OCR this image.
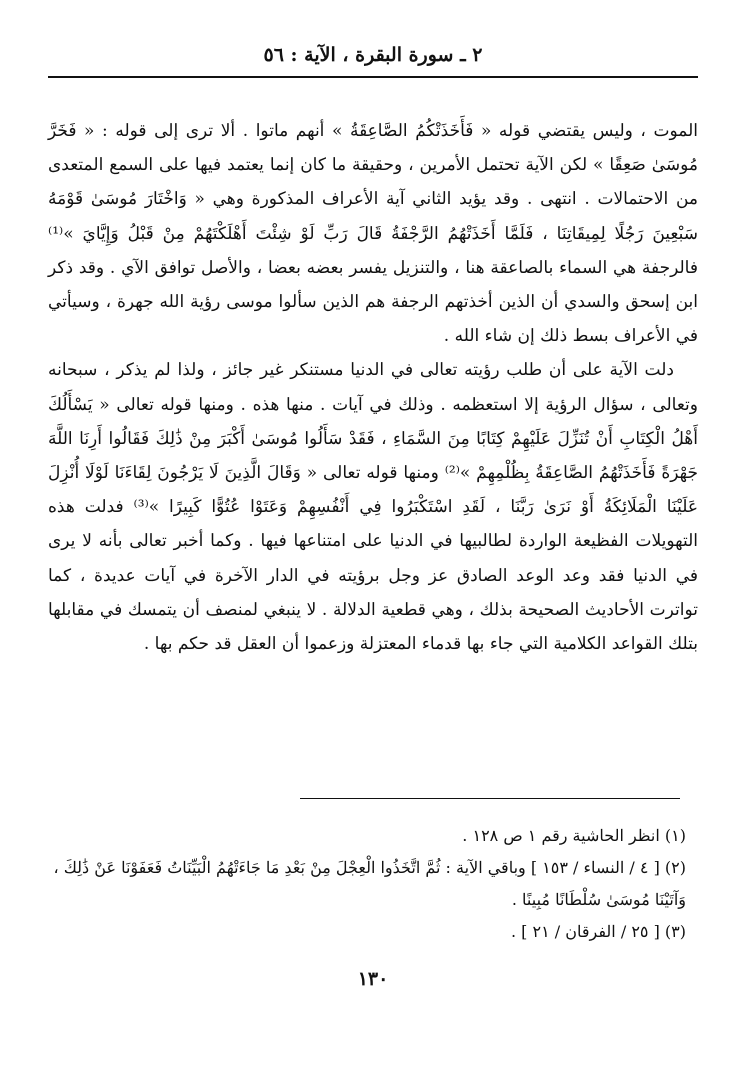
٢ ـ سورة البقرة ، الآية : ٥٦

الموت ، وليس يقتضي قوله « فَأَخَذَتْكُمُ الصَّاعِقَةُ » أنهم ماتوا . ألا ترى إلى قوله : « فَخَرَّ مُوسَىٰ صَعِقًا » لكن الآية تحتمل الأمرين ، وحقيقة ما كان إنما يعتمد فيها على السمع المتعدى من الاحتمالات . انتهى . وقد يؤيد الثاني آية الأعراف المذكورة وهي « وَاخْتَارَ مُوسَىٰ قَوْمَهُ سَبْعِينَ رَجُلًا لِمِيقَاتِنَا ، فَلَمَّا أَخَذَتْهُمُ الرَّجْفَةُ قَالَ رَبِّ لَوْ شِئْتَ أَهْلَكْتَهُمْ مِنْ قَبْلُ وَإِيَّايَ »⁽¹⁾ فالرجفة هي السماء بالصاعقة هنا ، والتنزيل يفسر بعضه بعضا ، والأصل توافق الآي . وقد ذكر ابن إسحق والسدي أن الذين أخذتهم الرجفة هم الذين سألوا موسى رؤية الله جهرة ، وسيأتي في الأعراف بسط ذلك إن شاء الله .

دلت الآية على أن طلب رؤيته تعالى في الدنيا مستنكر غير جائز ، ولذا لم يذكر ، سبحانه وتعالى ، سؤال الرؤية إلا استعظمه . وذلك في آيات . منها هذه . ومنها قوله تعالى « يَسْأَلُكَ أَهْلُ الْكِتَابِ أَنْ تُنَزِّلَ عَلَيْهِمْ كِتَابًا مِنَ السَّمَاءِ ، فَقَدْ سَأَلُوا مُوسَىٰ أَكْبَرَ مِنْ ذَٰلِكَ فَقَالُوا أَرِنَا اللَّهَ جَهْرَةً فَأَخَذَتْهُمُ الصَّاعِقَةُ بِظُلْمِهِمْ »⁽²⁾ ومنها قوله تعالى « وَقَالَ الَّذِينَ لَا يَرْجُونَ لِقَاءَنَا لَوْلَا أُنْزِلَ عَلَيْنَا الْمَلَائِكَةُ أَوْ نَرَىٰ رَبَّنَا ، لَقَدِ اسْتَكْبَرُوا فِي أَنْفُسِهِمْ وَعَتَوْا عُتُوًّا كَبِيرًا »⁽³⁾ فدلت هذه التهويلات الفظيعة الواردة لطالبيها في الدنيا على امتناعها فيها . وكما أخبر تعالى بأنه لا يرى في الدنيا فقد وعد الوعد الصادق عز وجل برؤيته في الدار الآخرة في آيات عديدة ، كما تواترت الأحاديث الصحيحة بذلك ، وهي قطعية الدلالة . لا ينبغي لمنصف أن يتمسك في مقابلها بتلك القواعد الكلامية التي جاء بها قدماء المعتزلة وزعموا أن العقل قد حكم بها .

(١) انظر الحاشية رقم ١ ص ١٢٨ .

(٢) [ ٤ / النساء / ١٥٣ ] وباقي الآية : ثُمَّ اتَّخَذُوا الْعِجْلَ مِنْ بَعْدِ مَا جَاءَتْهُمُ الْبَيِّنَاتُ فَعَفَوْنَا عَنْ ذَٰلِكَ ، وَآتَيْنَا مُوسَىٰ سُلْطَانًا مُبِينًا .

(٣) [ ٢٥ / الفرقان / ٢١ ] .

١٣٠
